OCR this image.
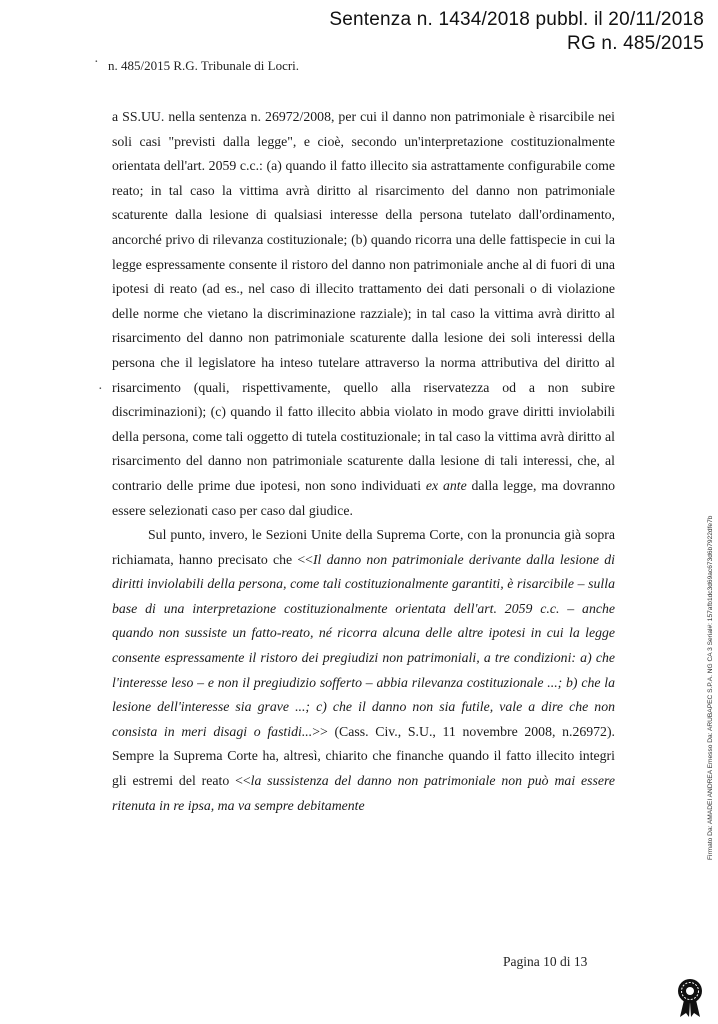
Sentenza n. 1434/2018 pubbl. il 20/11/2018
RG n. 485/2015
· n. 485/2015 R.G. Tribunale di Locri.

a SS.UU. nella sentenza n. 26972/2008, per cui il danno non patrimoniale è risarcibile nei soli casi "previsti dalla legge", e cioè, secondo un'interpretazione costituzionalmente orientata dell'art. 2059 c.c.: (a) quando il fatto illecito sia astrattamente configurabile come reato; in tal caso la vittima avrà diritto al risarcimento del danno non patrimoniale scaturente dalla lesione di qualsiasi interesse della persona tutelato dall'ordinamento, ancorché privo di rilevanza costituzionale; (b) quando ricorra una delle fattispecie in cui la legge espressamente consente il ristoro del danno non patrimoniale anche al di fuori di una ipotesi di reato (ad es., nel caso di illecito trattamento dei dati personali o di violazione delle norme che vietano la discriminazione razziale); in tal caso la vittima avrà diritto al risarcimento del danno non patrimoniale scaturente dalla lesione dei soli interessi della persona che il legislatore ha inteso tutelare attraverso la norma attributiva del diritto al risarcimento (quali, rispettivamente, quello alla riservatezza od a non subire discriminazioni); (c) quando il fatto illecito abbia violato in modo grave diritti inviolabili della persona, come tali oggetto di tutela costituzionale; in tal caso la vittima avrà diritto al risarcimento del danno non patrimoniale scaturente dalla lesione di tali interessi, che, al contrario delle prime due ipotesi, non sono individuati ex ante dalla legge, ma dovranno essere selezionati caso per caso dal giudice.

Sul punto, invero, le Sezioni Unite della Suprema Corte, con la pronuncia già sopra richiamata, hanno precisato che <<Il danno non patrimoniale derivante dalla lesione di diritti inviolabili della persona, come tali costituzionalmente garantiti, è risarcibile – sulla base di una interpretazione costituzionalmente orientata dell'art. 2059 c.c. – anche quando non sussiste un fatto-reato, né ricorra alcuna delle altre ipotesi in cui la legge consente espressamente il ristoro dei pregiudizi non patrimoniali, a tre condizioni: a) che l'interesse leso – e non il pregiudizio sofferto – abbia rilevanza costituzionale ...; b) che la lesione dell'interesse sia grave ...; c) che il danno non sia futile, vale a dire che non consista in meri disagi o fastidi...>> (Cass. Civ., S.U., 11 novembre 2008, n.26972). Sempre la Suprema Corte ha, altresì, chiarito che finanche quando il fatto illecito integri gli estremi del reato <<la sussistenza del danno non patrimoniale non può mai essere ritenuta in re ipsa, ma va sempre debitamente

·
Pagina 10 di 13
Firmato Da: AMADEI ANDREA Emesso Da: ARUBAPEC S.P.A. NG CA 3 Serial#: 157afb1dc3d69ac673d6b7922dfe7b
